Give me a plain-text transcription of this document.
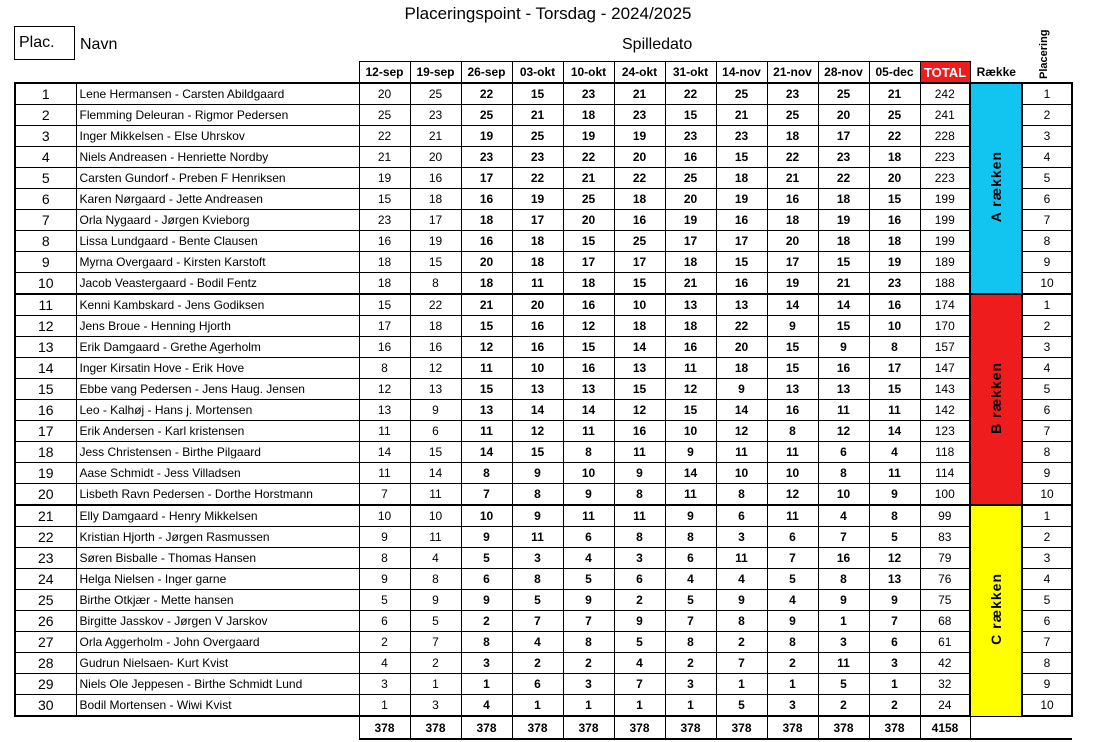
Placeringspoint - Torsdag - 2024/2025
Plac.	Navn	Spilledato	Placering
		12-sep	19-sep	26-sep	03-okt	10-okt	24-okt	31-okt	14-nov	21-nov	28-nov	05-dec	TOTAL	Række	
1	Lene Hermansen - Carsten Abildgaard	20	25	22	15	23	21	22	25	23	25	21	242	A rækken	1
2	Flemming Deleuran - Rigmor Pedersen	25	23	25	21	18	23	15	21	25	20	25	241		2
3	Inger Mikkelsen - Else Uhrskov	22	21	19	25	19	19	23	23	18	17	22	228		3
4	Niels Andreasen - Henriette Nordby	21	20	23	23	22	20	16	15	22	23	18	223		4
5	Carsten Gundorf - Preben F Henriksen	19	16	17	22	21	22	25	18	21	22	20	223		5
6	Karen Nørgaard - Jette Andreasen	15	18	16	19	25	18	20	19	16	18	15	199		6
7	Orla Nygaard - Jørgen Kvieborg	23	17	18	17	20	16	19	16	18	19	16	199		7
8	Lissa Lundgaard - Bente Clausen	16	19	16	18	15	25	17	17	20	18	18	199		8
9	Myrna Overgaard - Kirsten Karstoft	18	15	20	18	17	17	18	15	17	15	19	189		9
10	Jacob Veastergaard - Bodil Fentz	18	8	18	11	18	15	21	16	19	21	23	188		10
11	Kenni Kambskard - Jens Godiksen	15	22	21	20	16	10	13	13	14	14	16	174	B rækken	1
12	Jens Broue - Henning Hjorth	17	18	15	16	12	18	18	22	9	15	10	170		2
13	Erik Damgaard - Grethe Agerholm	16	16	12	16	15	14	16	20	15	9	8	157		3
14	Inger Kirsatin Hove - Erik Hove	8	12	11	10	16	13	11	18	15	16	17	147		4
15	Ebbe vang Pedersen - Jens Haug. Jensen	12	13	15	13	13	15	12	9	13	13	15	143		5
16	Leo - Kalhøj - Hans j. Mortensen	13	9	13	14	14	12	15	14	16	11	11	142		6
17	Erik Andersen - Karl kristensen	11	6	11	12	11	16	10	12	8	12	14	123		7
18	Jess Christensen - Birthe Pilgaard	14	15	14	15	8	11	9	11	11	6	4	118		8
19	Aase Schmidt - Jess Villadsen	11	14	8	9	10	9	14	10	10	8	11	114		9
20	Lisbeth Ravn Pedersen - Dorthe Horstmann	7	11	7	8	9	8	11	8	12	10	9	100		10
21	Elly Damgaard - Henry Mikkelsen	10	10	10	9	11	11	9	6	11	4	8	99	C rækken	1
22	Kristian Hjorth - Jørgen Rasmussen	9	11	9	11	6	8	8	3	6	7	5	83		2
23	Søren Bisballe - Thomas Hansen	8	4	5	3	4	3	6	11	7	16	12	79		3
24	Helga Nielsen - Inger garne	9	8	6	8	5	6	4	4	5	8	13	76		4
25	Birthe Otkjær - Mette hansen	5	9	9	5	9	2	5	9	4	9	9	75		5
26	Birgitte Jasskov - Jørgen V Jarskov	6	5	2	7	7	9	7	8	9	1	7	68		6
27	Orla Aggerholm - John Overgaard	2	7	8	4	8	5	8	2	8	3	6	61		7
28	Gudrun Nielsaen- Kurt Kvist	4	2	3	2	2	4	2	7	2	11	3	42		8
29	Niels Ole Jeppesen - Birthe Schmidt Lund	3	1	1	6	3	7	3	1	1	5	1	32		9
30	Bodil Mortensen - Wiwi Kvist	1	3	4	1	1	1	1	5	3	2	2	24		10
		378	378	378	378	378	378	378	378	378	378	378	4158		
